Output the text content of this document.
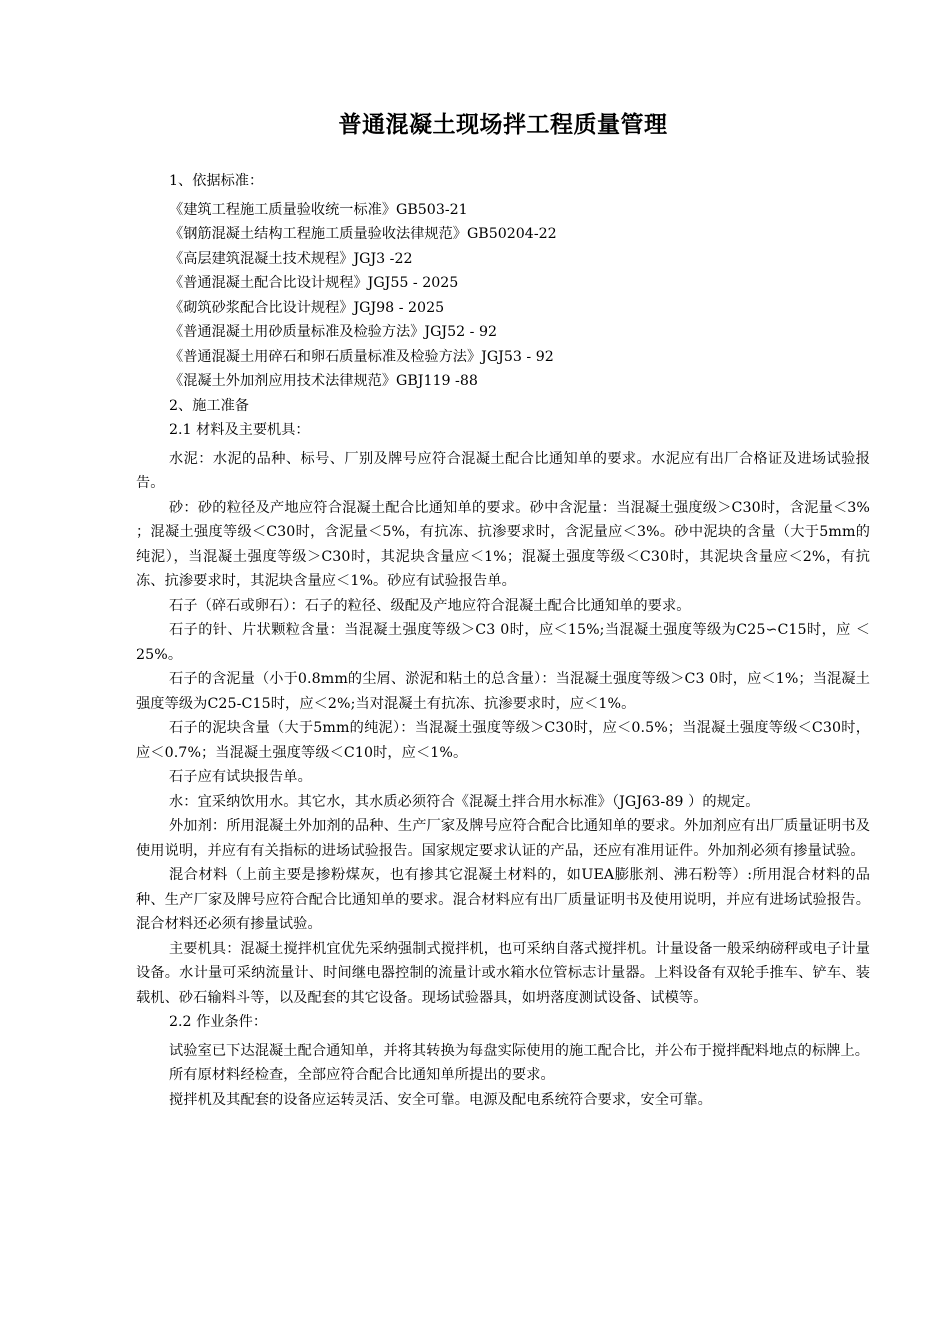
普通混凝土现场拌工程质量管理

1、依据标准：

《建筑工程施工质量验收统一标准》GB503-21

《钢筋混凝土结构工程施工质量验收法律规范》GB50204-22

《高层建筑混凝土技术规程》JGJ3 -22

《普通混凝土配合比设计规程》JGJ55 - 2025

《砌筑砂浆配合比设计规程》JGJ98 - 2025

《普通混凝土用砂质量标准及检验方法》JGJ52 - 92

《普通混凝土用碎石和卵石质量标准及检验方法》JGJ53 - 92

《混凝土外加剂应用技术法律规范》GBJ119 -88

2、施工准备

2.1 材料及主要机具：

水泥：水泥的品种、标号、厂别及牌号应符合混凝土配合比通知单的要求。水泥应有出厂合格证及进场试验报告。

砂：砂的粒径及产地应符合混凝土配合比通知单的要求。砂中含泥量：当混凝土强度级＞C30时，含泥量＜3% ；混凝土强度等级＜C30时，含泥量＜5%，有抗冻、抗渗要求时，含泥量应＜3%。砂中泥块的含量（大于5mm的纯泥），当混凝土强度等级＞C30时，其泥块含量应＜1%；混凝土强度等级＜C30时，其泥块含量应＜2%，有抗冻、抗渗要求时，其泥块含量应＜1%。砂应有试验报告单。

石子（碎石或卵石）：石子的粒径、级配及产地应符合混凝土配合比通知单的要求。

石子的针、片状颗粒含量：当混凝土强度等级＞C3 0时，应＜15%;当混凝土强度等级为C25∽C15时，应 ＜25%。

石子的含泥量（小于0.8mm的尘屑、淤泥和粘土的总含量）：当混凝土强度等级＞C3 0时，应＜1%；当混凝土强度等级为C25-C15时，应＜2%;当对混凝土有抗冻、抗渗要求时，应＜1%。

石子的泥块含量（大于5mm的纯泥）：当混凝土强度等级＞C30时，应＜0.5%；当混凝土强度等级＜C30时，应＜0.7%；当混凝土强度等级＜C10时，应＜1%。

石子应有试块报告单。

水：宜采纳饮用水。其它水，其水质必须符合《混凝土拌合用水标准》（JGJ63-89 ）的规定。

外加剂：所用混凝土外加剂的品种、生产厂家及牌号应符合配合比通知单的要求。外加剂应有出厂质量证明书及使用说明，并应有有关指标的进场试验报告。国家规定要求认证的产品，还应有准用证件。外加剂必须有掺量试验。

混合材料（上前主要是掺粉煤灰，也有掺其它混凝土材料的，如UEA膨胀剂、沸石粉等）:所用混合材料的品种、生产厂家及牌号应符合配合比通知单的要求。混合材料应有出厂质量证明书及使用说明，并应有进场试验报告。混合材料还必须有掺量试验。

主要机具：混凝土搅拌机宜优先采纳强制式搅拌机，也可采纳自落式搅拌机。计量设备一般采纳磅秤或电子计量设备。水计量可采纳流量计、时间继电器控制的流量计或水箱水位管标志计量器。上料设备有双轮手推车、铲车、装载机、砂石输料斗等，以及配套的其它设备。现场试验器具，如坍落度测试设备、试模等。

2.2 作业条件：

试验室已下达混凝土配合通知单，并将其转换为每盘实际使用的施工配合比，并公布于搅拌配料地点的标牌上。

所有原材料经检查，全部应符合配合比通知单所提出的要求。

搅拌机及其配套的设备应运转灵活、安全可靠。电源及配电系统符合要求，安全可靠。
